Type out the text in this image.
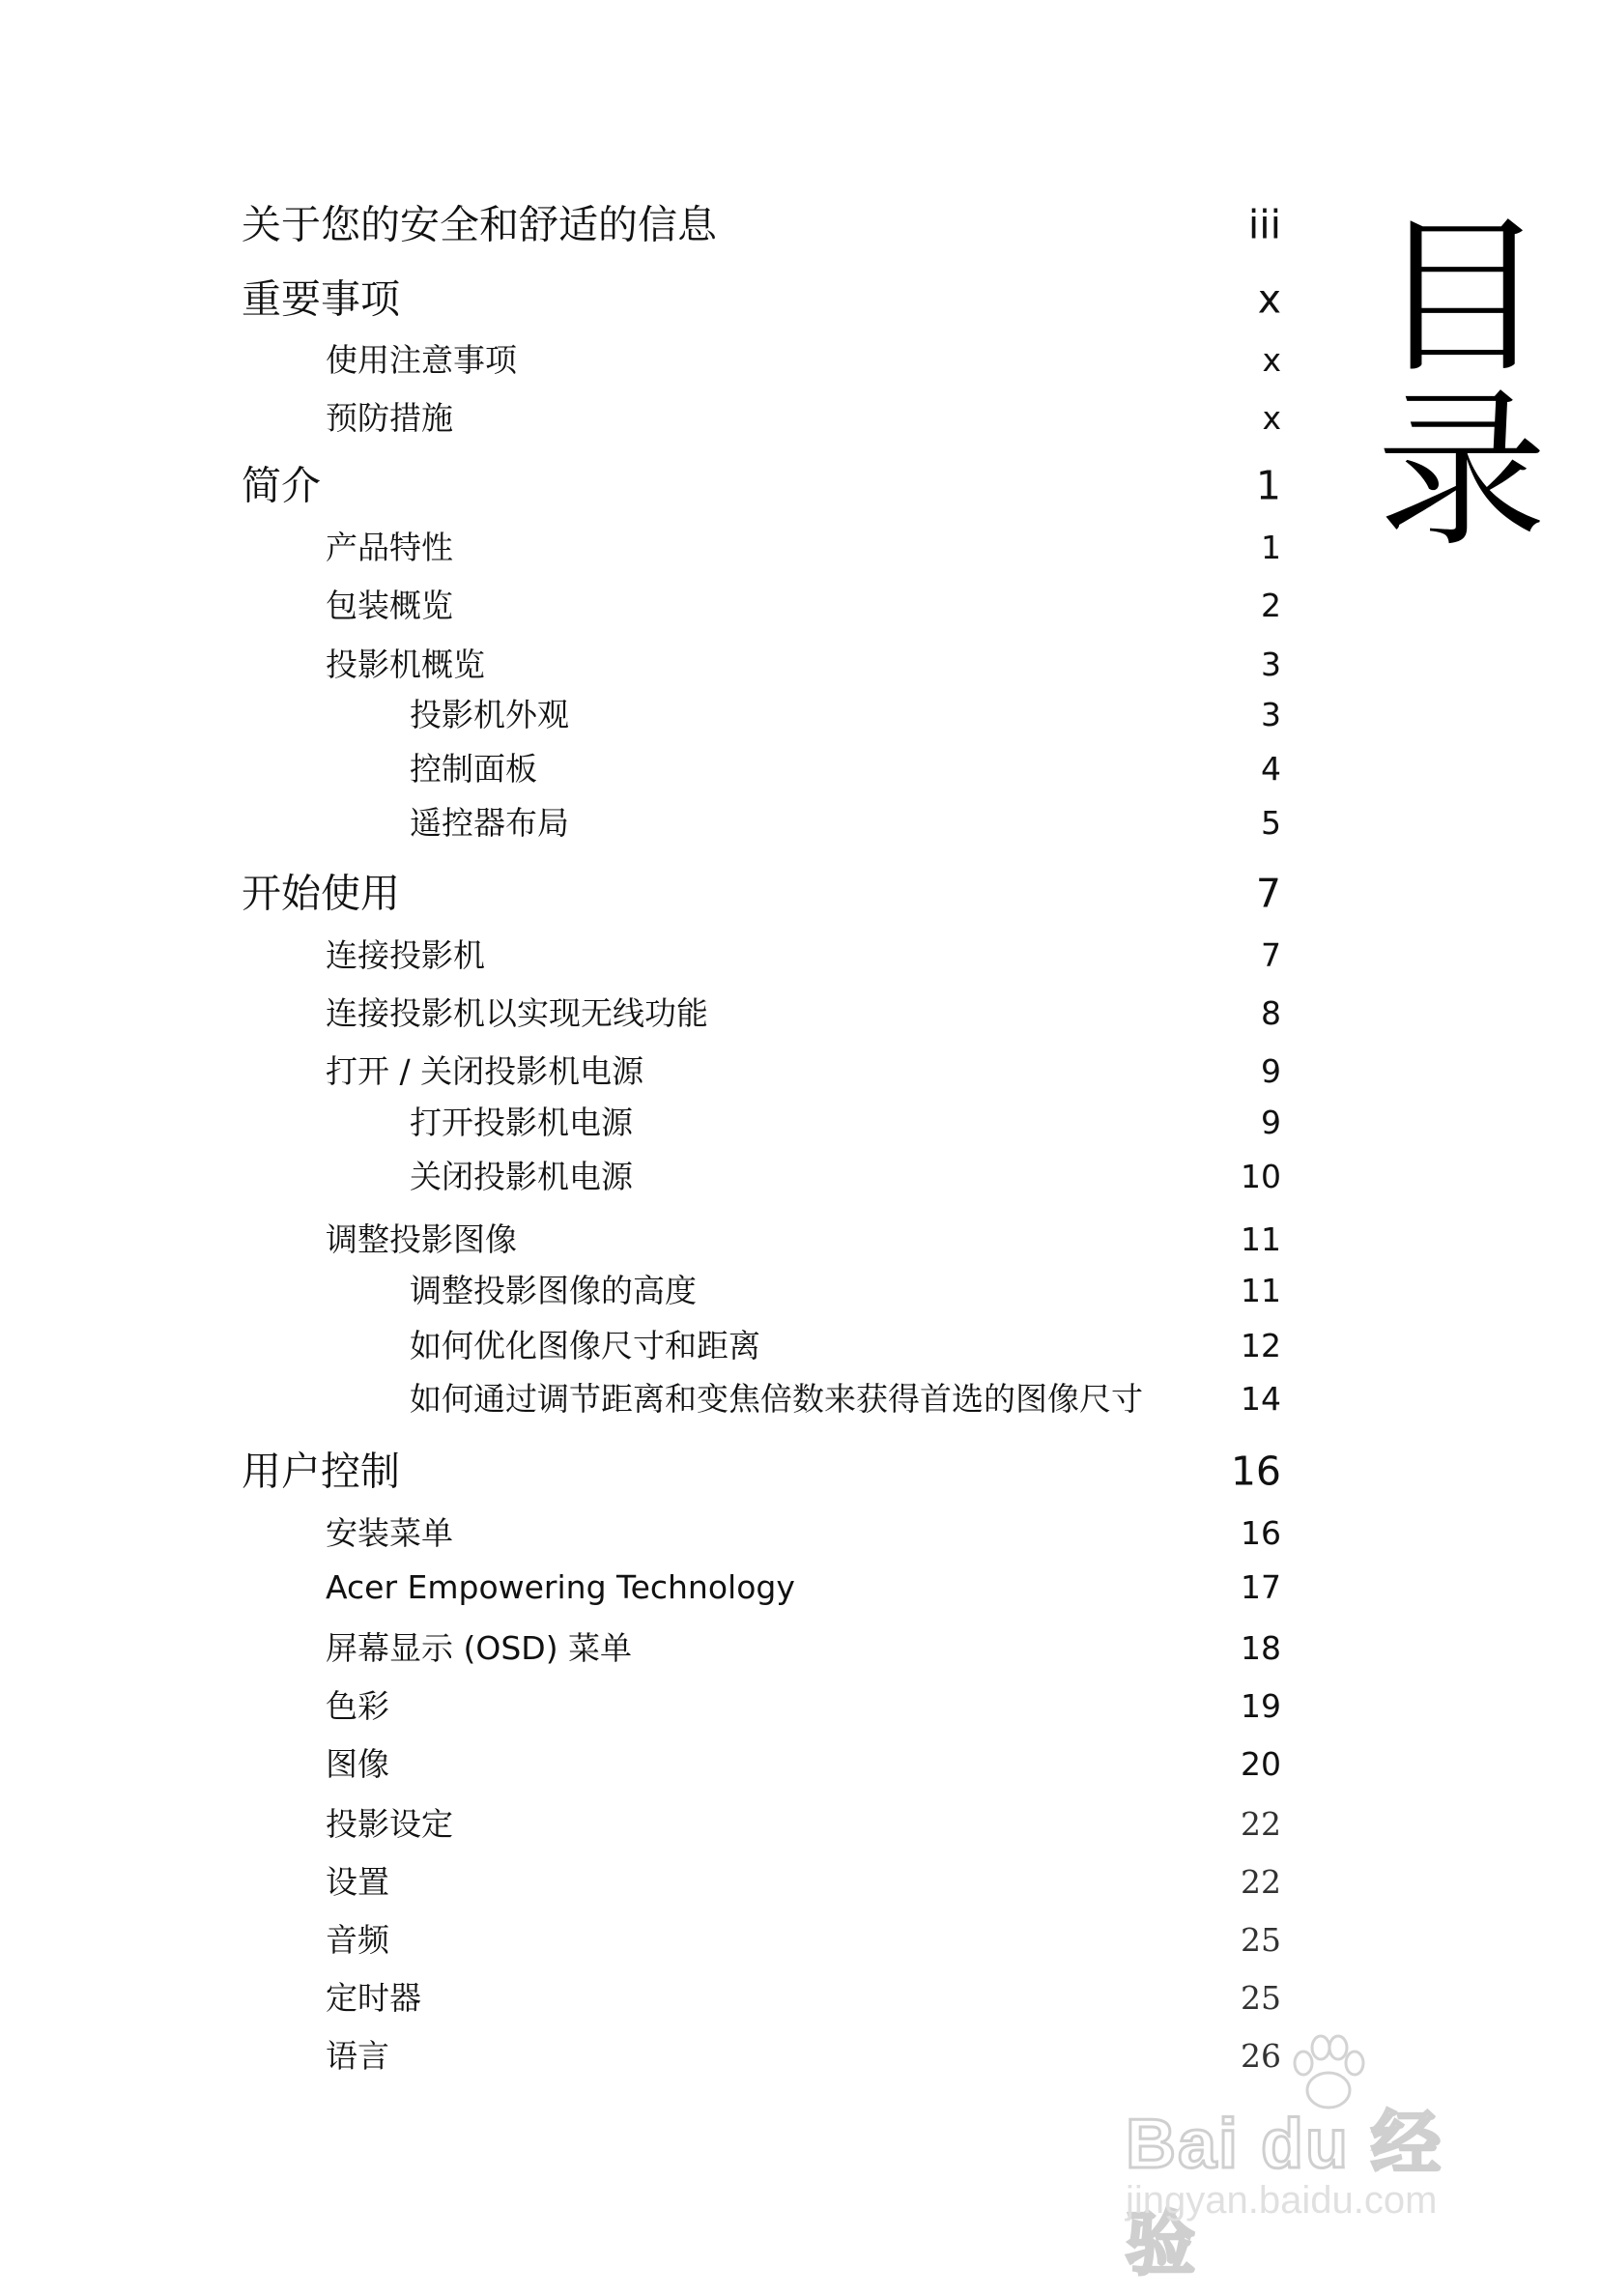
关于您的安全和舒适的信息	iii
重要事项	x
使用注意事项	x
预防措施	x
简介	1
产品特性	1
包装概览	2
投影机概览	3
投影机外观	3
控制面板	4
遥控器布局	5
开始使用	7
连接投影机	7
连接投影机以实现无线功能	8
打开 / 关闭投影机电源	9
打开投影机电源	9
关闭投影机电源	10
调整投影图像	11
调整投影图像的高度	11
如何优化图像尺寸和距离	12
如何通过调节距离和变焦倍数来获得首选的图像尺寸	14
用户控制	16
安装菜单	16
Acer Empowering Technology	17
屏幕显示 (OSD) 菜单	18
色彩	19
图像	20
投影设定	22
设置	22
音频	25
定时器	25
语言	26
目
录
Bai du 经验
jingyan.baidu.com
